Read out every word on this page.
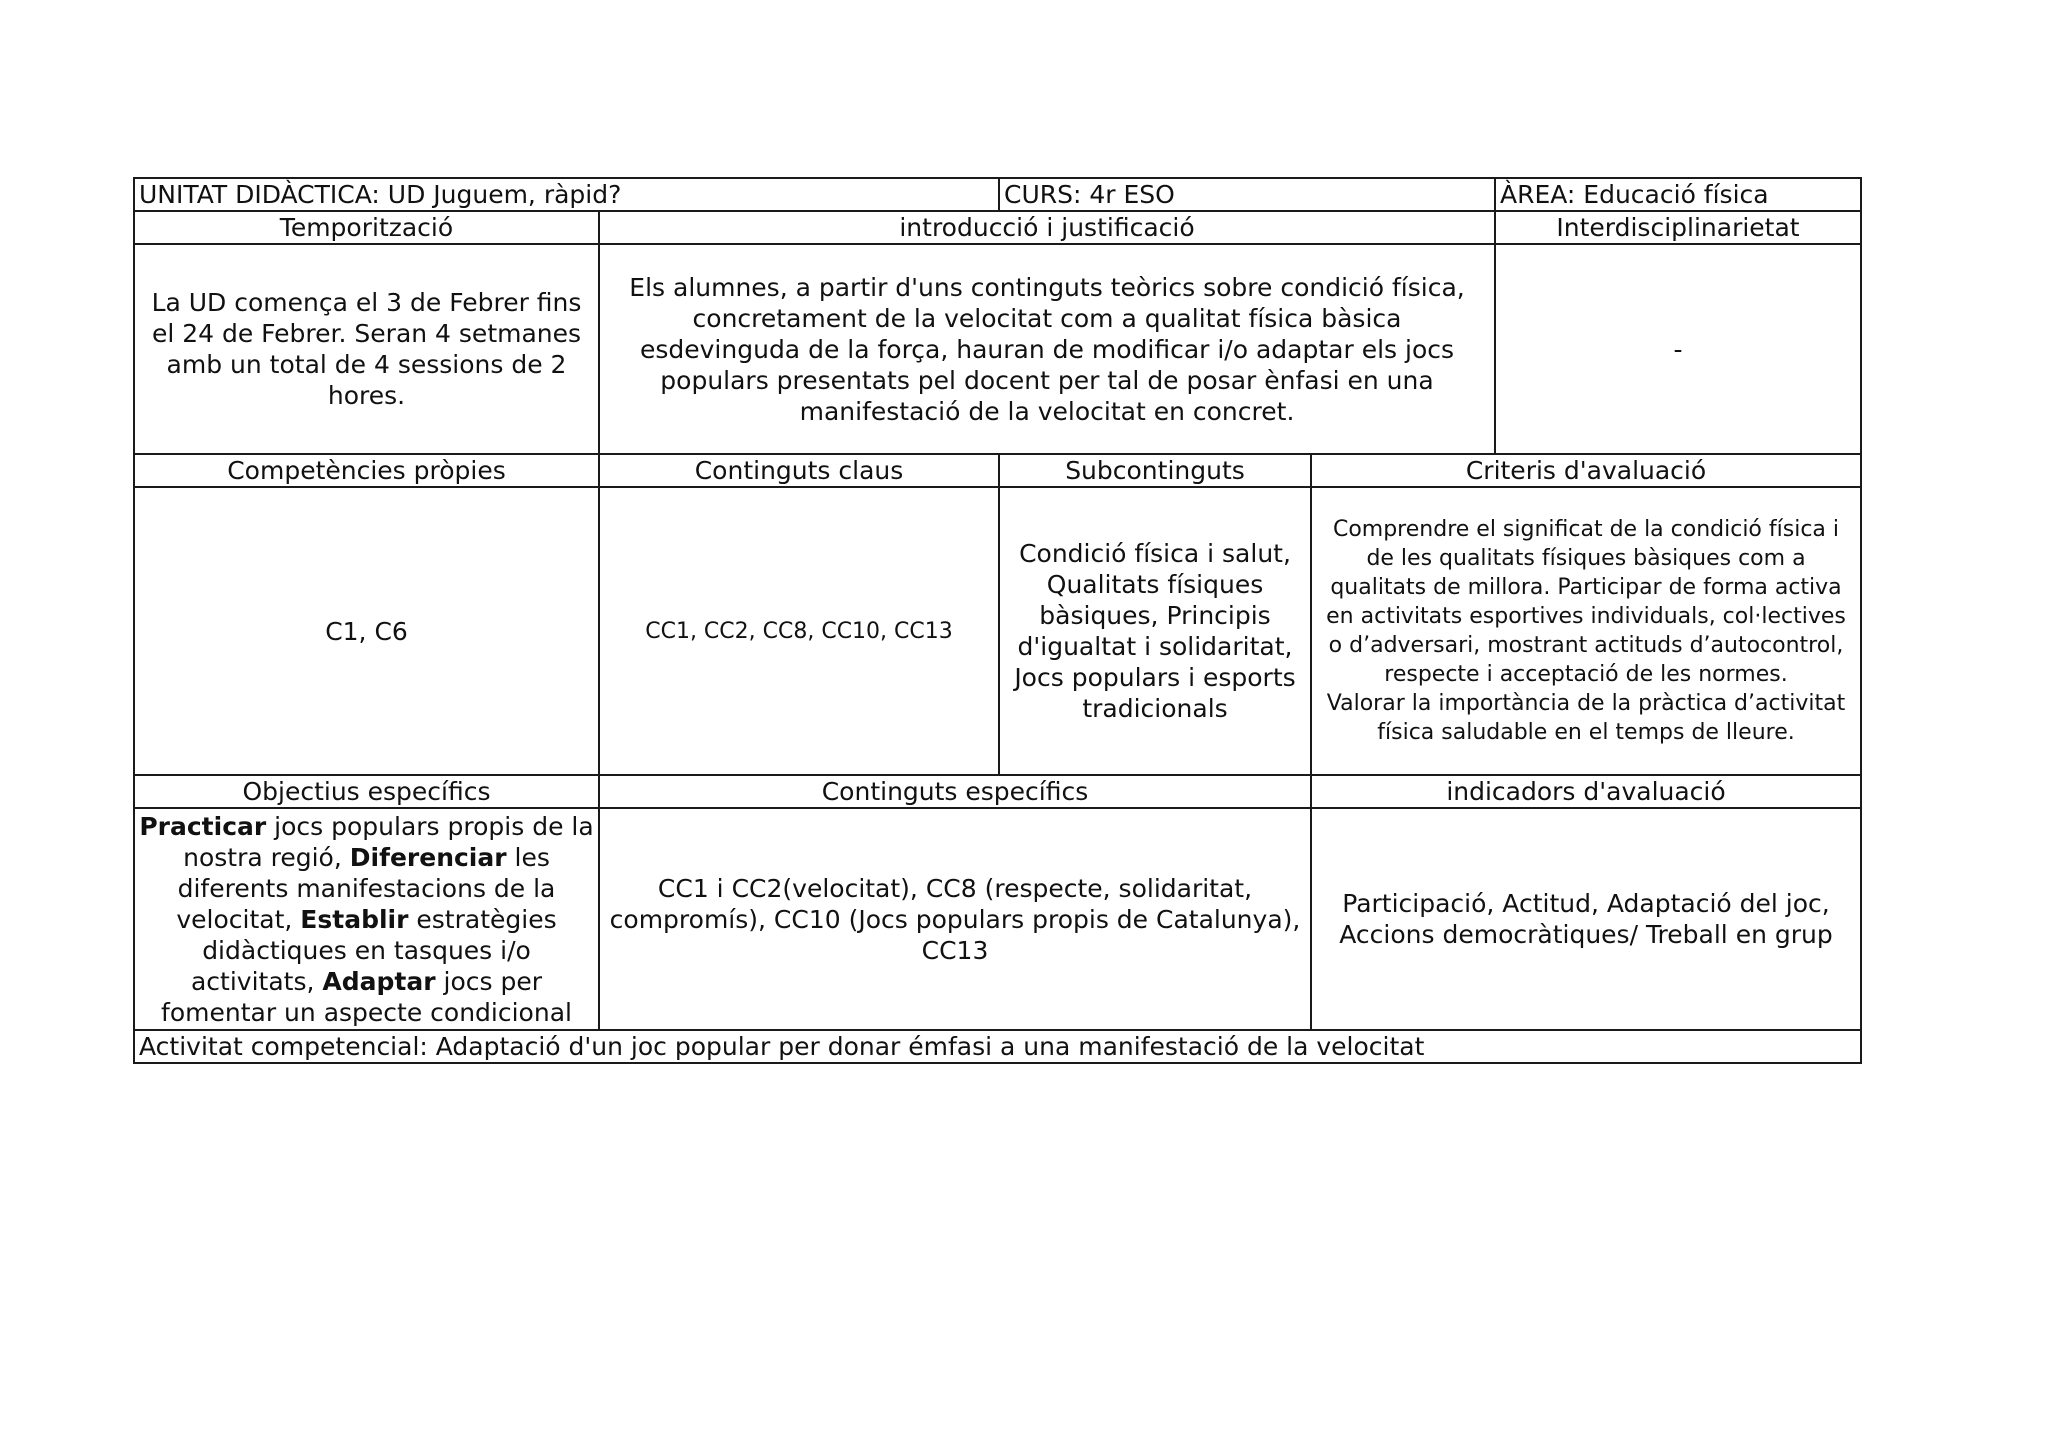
UNITAT DIDÀCTICA: UD Juguem, ràpid?		CURS: 4r ESO		ÀREA: Educació física
Temporització	introducció i justificació			Interdisciplinarietat
La UD comença el 3 de Febrer fins el 24 de Febrer. Seran 4 setmanes amb un total de 4 sessions de 2 hores.	Els alumnes, a partir d'uns continguts teòrics sobre condició física, concretament de la velocitat com a qualitat física bàsica esdevinguda de la força, hauran de modificar i/o adaptar els jocs populars presentats pel docent per tal de posar ènfasi en una manifestació de la velocitat en concret.			-
Competències pròpies	Continguts claus	Subcontinguts	Criteris d'avaluació	
C1, C6	CC1, CC2, CC8, CC10, CC13	Condició física i salut, Qualitats físiques bàsiques, Principis d'igualtat i solidaritat, Jocs populars i esports tradicionals	Comprendre el significat de la condició física i de les qualitats físiques bàsiques com a qualitats de millora. Participar de forma activa en activitats esportives individuals, col·lectives o d’adversari, mostrant actituds d’autocontrol, respecte i acceptació de les normes.
Valorar la importància de la pràctica d’activitat física saludable en el temps de lleure.	

Objectius específics	Continguts específics		indicadors d'avaluació	
Practicar jocs populars propis de la nostra regió, Diferenciar les diferents manifestacions de la velocitat, Establir estratègies didàctiques en tasques i/o activitats, Adaptar jocs per fomentar un aspecte condicional	CC1 i CC2(velocitat), CC8 (respecte, solidaritat, compromís), CC10 (Jocs populars propis de Catalunya), CC13		Participació, Actitud, Adaptació del joc, Accions democràtiques/ Treball en grup	
Activitat competencial: Adaptació d'un joc popular per donar émfasi a una manifestació de la velocitat				
